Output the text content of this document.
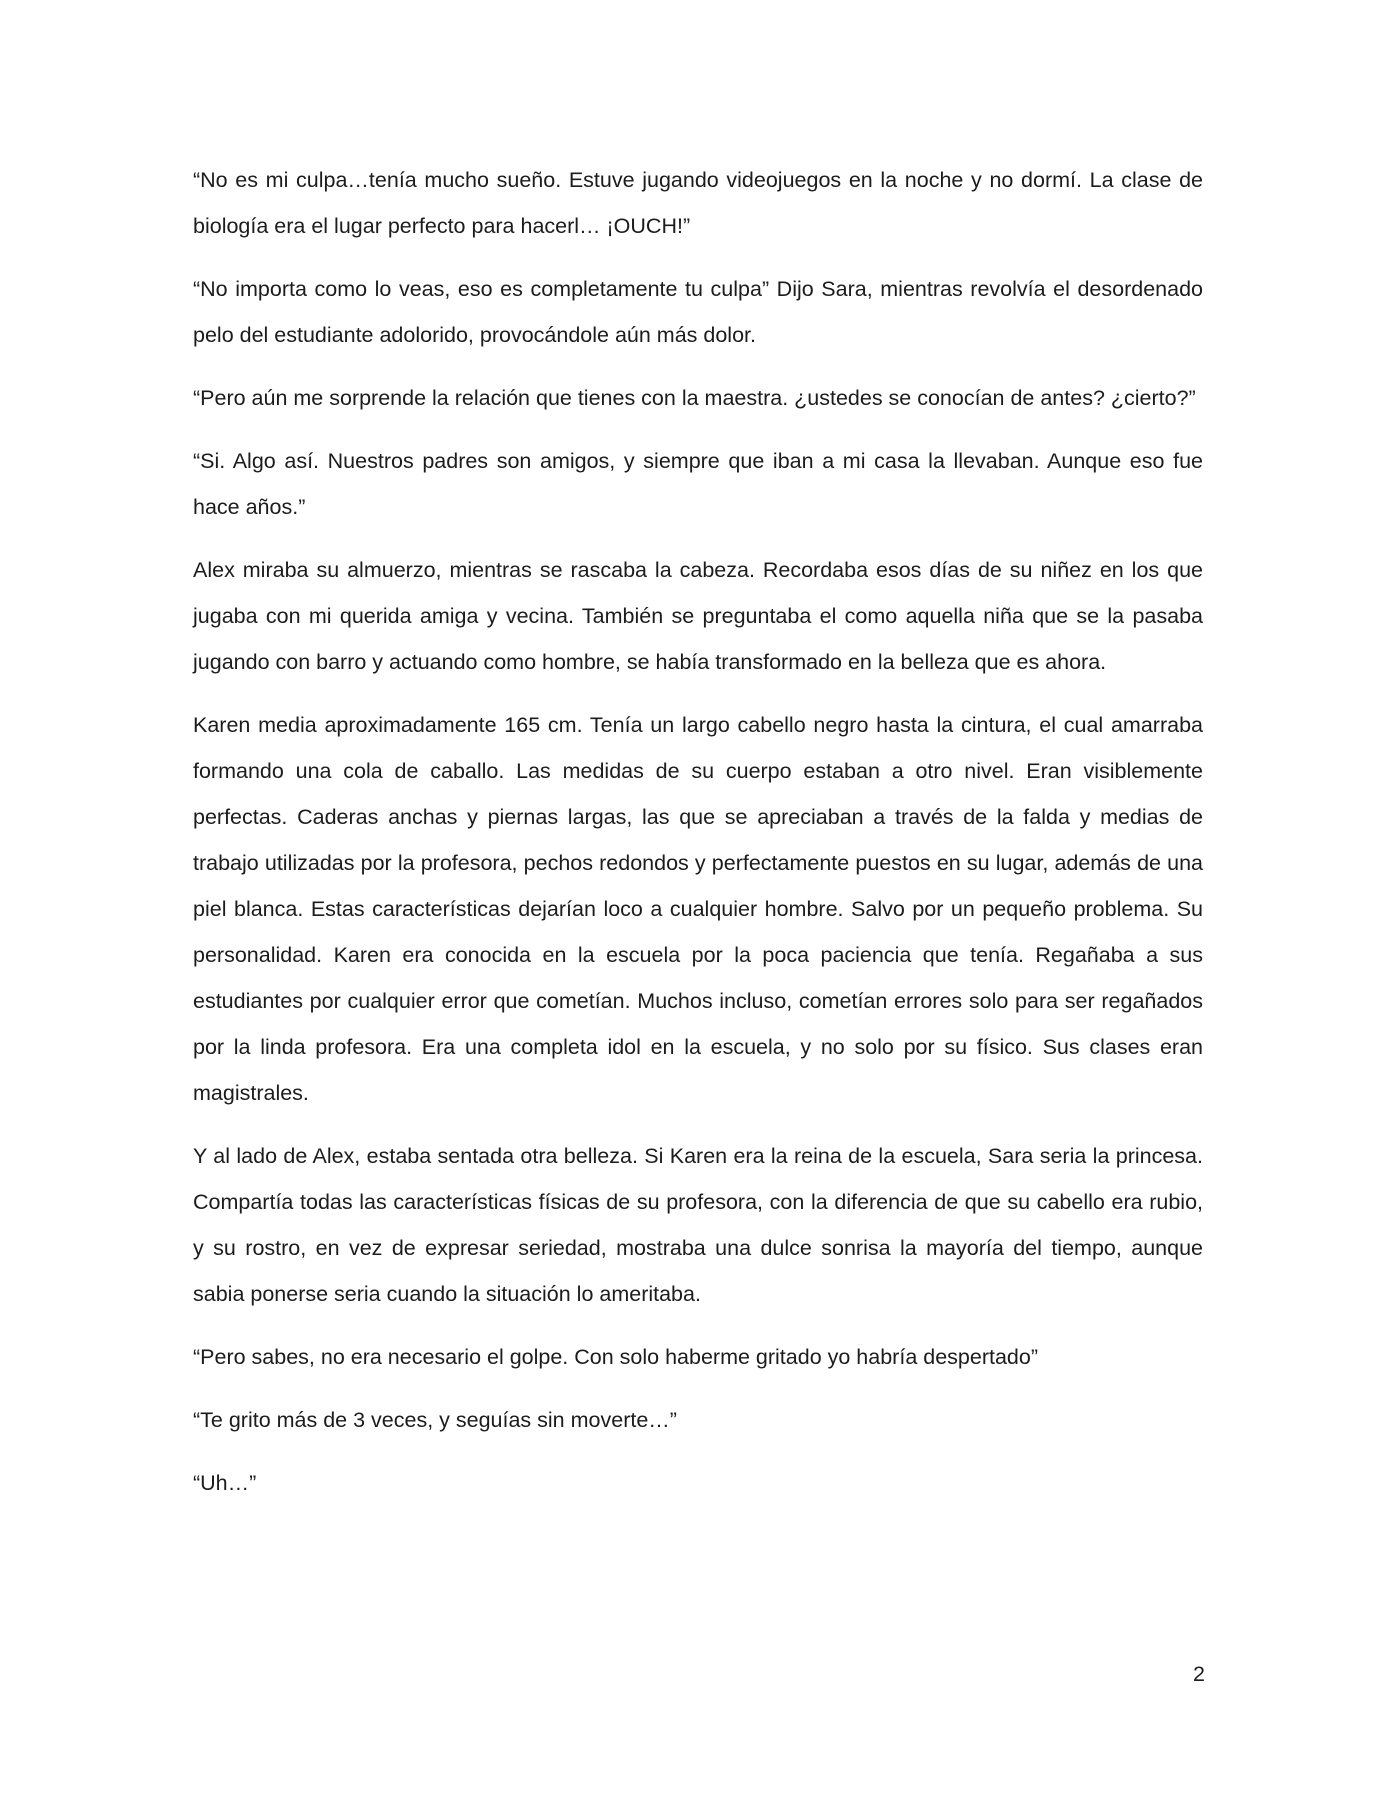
“No es mi culpa…tenía mucho sueño. Estuve jugando videojuegos en la noche y no dormí. La clase de biología era el lugar perfecto para hacerl… ¡OUCH!”

“No importa como lo veas, eso es completamente tu culpa” Dijo Sara, mientras revolvía el desordenado pelo del estudiante adolorido, provocándole aún más dolor.

“Pero aún me sorprende la relación que tienes con la maestra. ¿ustedes se conocían de antes? ¿cierto?”

“Si. Algo así. Nuestros padres son amigos, y siempre que iban a mi casa la llevaban. Aunque eso fue hace años.”

Alex miraba su almuerzo, mientras se rascaba la cabeza. Recordaba esos días de su niñez en los que jugaba con mi querida amiga y vecina. También se preguntaba el como aquella niña que se la pasaba jugando con barro y actuando como hombre, se había transformado en la belleza que es ahora.

Karen media aproximadamente 165 cm. Tenía un largo cabello negro hasta la cintura, el cual amarraba formando una cola de caballo. Las medidas de su cuerpo estaban a otro nivel. Eran visiblemente perfectas. Caderas anchas y piernas largas, las que se apreciaban a través de la falda y medias de trabajo utilizadas por la profesora, pechos redondos y perfectamente puestos en su lugar, además de una piel blanca. Estas características dejarían loco a cualquier hombre. Salvo por un pequeño problema. Su personalidad. Karen era conocida en la escuela por la poca paciencia que tenía. Regañaba a sus estudiantes por cualquier error que cometían. Muchos incluso, cometían errores solo para ser regañados por la linda profesora. Era una completa idol en la escuela, y no solo por su físico. Sus clases eran magistrales.

Y al lado de Alex, estaba sentada otra belleza. Si Karen era la reina de la escuela, Sara seria la princesa. Compartía todas las características físicas de su profesora, con la diferencia de que su cabello era rubio, y su rostro, en vez de expresar seriedad, mostraba una dulce sonrisa la mayoría del tiempo, aunque sabia ponerse seria cuando la situación lo ameritaba.

“Pero sabes, no era necesario el golpe. Con solo haberme gritado yo habría despertado”

“Te grito más de 3 veces, y seguías sin moverte…”

“Uh…”

2
